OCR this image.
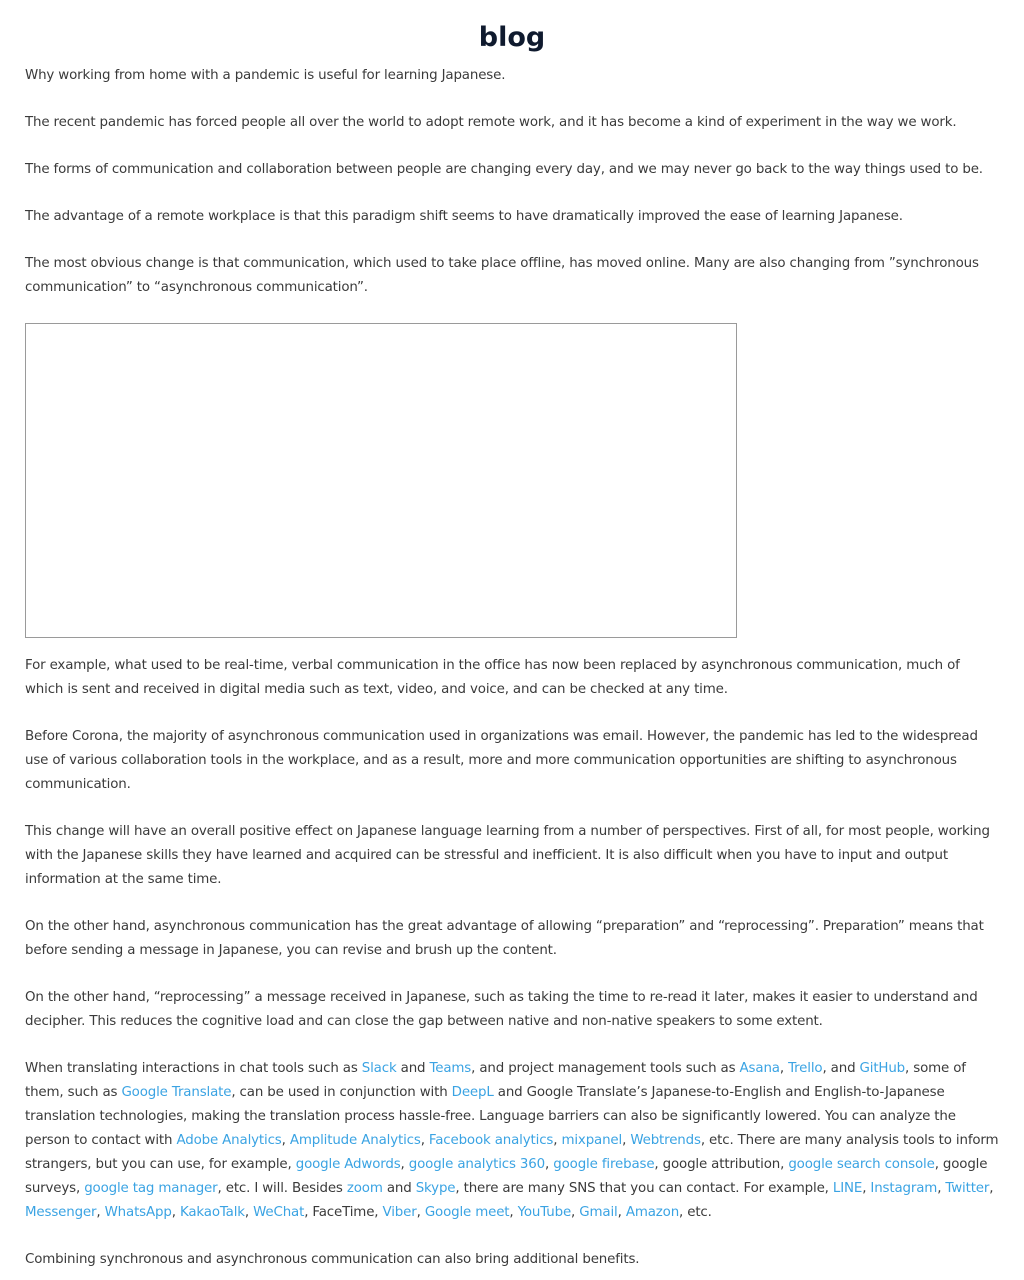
blog

Why working from home with a pandemic is useful for learning Japanese.

The recent pandemic has forced people all over the world to adopt remote work, and it has become a kind of experiment in the way we work.

The forms of communication and collaboration between people are changing every day, and we may never go back to the way things used to be.

The advantage of a remote workplace is that this paradigm shift seems to have dramatically improved the ease of learning Japanese.

The most obvious change is that communication, which used to take place offline, has moved online. Many are also changing from ”synchronous communication” to “asynchronous communication”.

For example, what used to be real-time, verbal communication in the office has now been replaced by asynchronous communication, much of which is sent and received in digital media such as text, video, and voice, and can be checked at any time.

Before Corona, the majority of asynchronous communication used in organizations was email. However, the pandemic has led to the widespread use of various collaboration tools in the workplace, and as a result, more and more communication opportunities are shifting to asynchronous communication.

This change will have an overall positive effect on Japanese language learning from a number of perspectives. First of all, for most people, working with the Japanese skills they have learned and acquired can be stressful and inefficient. It is also difficult when you have to input and output information at the same time.

On the other hand, asynchronous communication has the great advantage of allowing “preparation” and “reprocessing”. Preparation” means that before sending a message in Japanese, you can revise and brush up the content.

On the other hand, “reprocessing” a message received in Japanese, such as taking the time to re-read it later, makes it easier to understand and decipher. This reduces the cognitive load and can close the gap between native and non-native speakers to some extent.

When translating interactions in chat tools such as Slack and Teams, and project management tools such as Asana, Trello, and GitHub, some of them, such as Google Translate, can be used in conjunction with DeepL and Google Translate’s Japanese-to-English and English-to-Japanese translation technologies, making the translation process hassle-free. Language barriers can also be significantly lowered. You can analyze the person to contact with Adobe Analytics, Amplitude Analytics, Facebook analytics, mixpanel, Webtrends, etc. There are many analysis tools to inform strangers, but you can use, for example, google Adwords, google analytics 360, google firebase, google attribution, google search console, google surveys, google tag manager, etc. I will. Besides zoom and Skype, there are many SNS that you can contact. For example, LINE, Instagram, Twitter, Messenger, WhatsApp, KakaoTalk, WeChat, FaceTime, Viber, Google meet, YouTube, Gmail, Amazon, etc.

Combining synchronous and asynchronous communication can also bring additional benefits.
